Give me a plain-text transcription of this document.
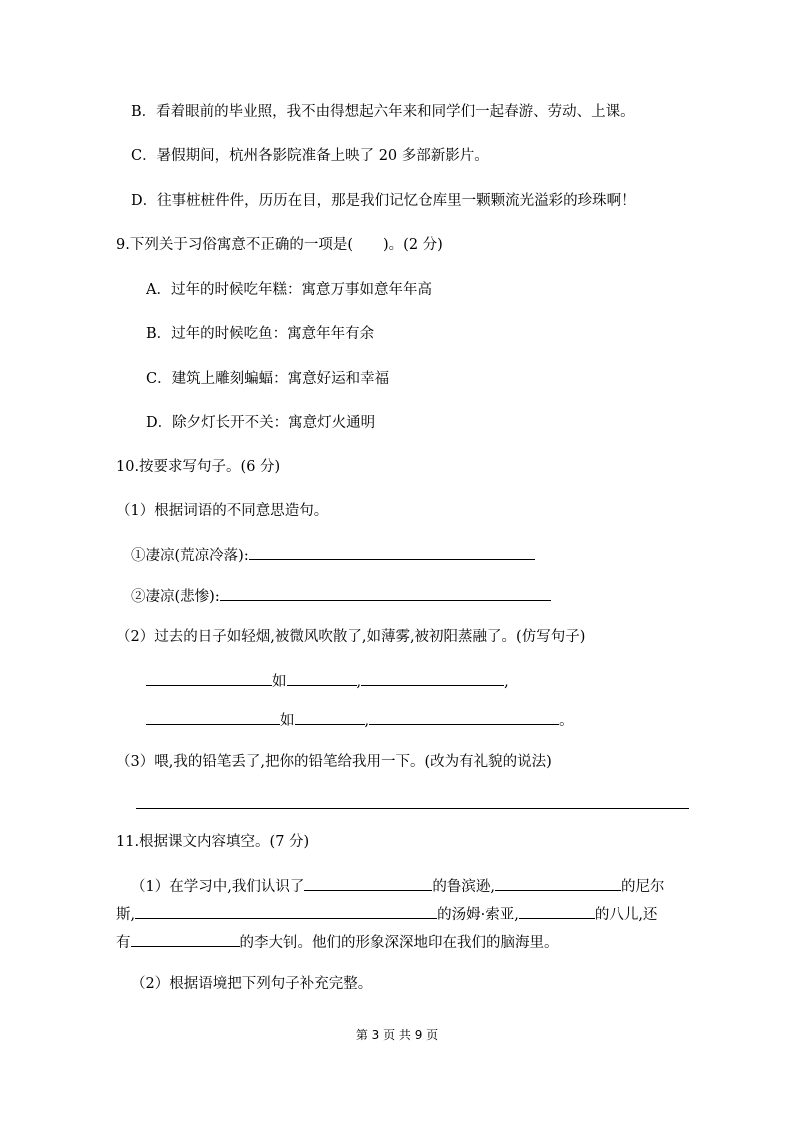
B．看着眼前的毕业照，我不由得想起六年来和同学们一起春游、劳动、上课。
C．暑假期间，杭州各影院准备上映了 20 多部新影片。
D．往事桩桩件件，历历在目，那是我们记忆仓库里一颗颗流光溢彩的珍珠啊！
9.下列关于习俗寓意不正确的一项是( )。(2 分)
A．过年的时候吃年糕：寓意万事如意年年高
B．过年的时候吃鱼：寓意年年有余
C．建筑上雕刻蝙蝠：寓意好运和幸福
D．除夕灯长开不关：寓意灯火通明
10.按要求写句子。(6 分)
（1）根据词语的不同意思造句。
①凄凉(荒凉冷落):
②凄凉(悲惨):
（2）过去的日子如轻烟,被微风吹散了,如薄雾,被初阳蒸融了。(仿写句子)
如	,	,
如	,	。
（3）喂,我的铅笔丢了,把你的铅笔给我用一下。(改为有礼貌的说法)
11.根据课文内容填空。(7 分)
（1）在学习中,我们认识了	的鲁滨逊,	的尼尔
斯,	的汤姆·索亚,	的八儿,还
有	的李大钊。他们的形象深深地印在我们的脑海里。
（2）根据语境把下列句子补充完整。
第 3 页 共 9 页
